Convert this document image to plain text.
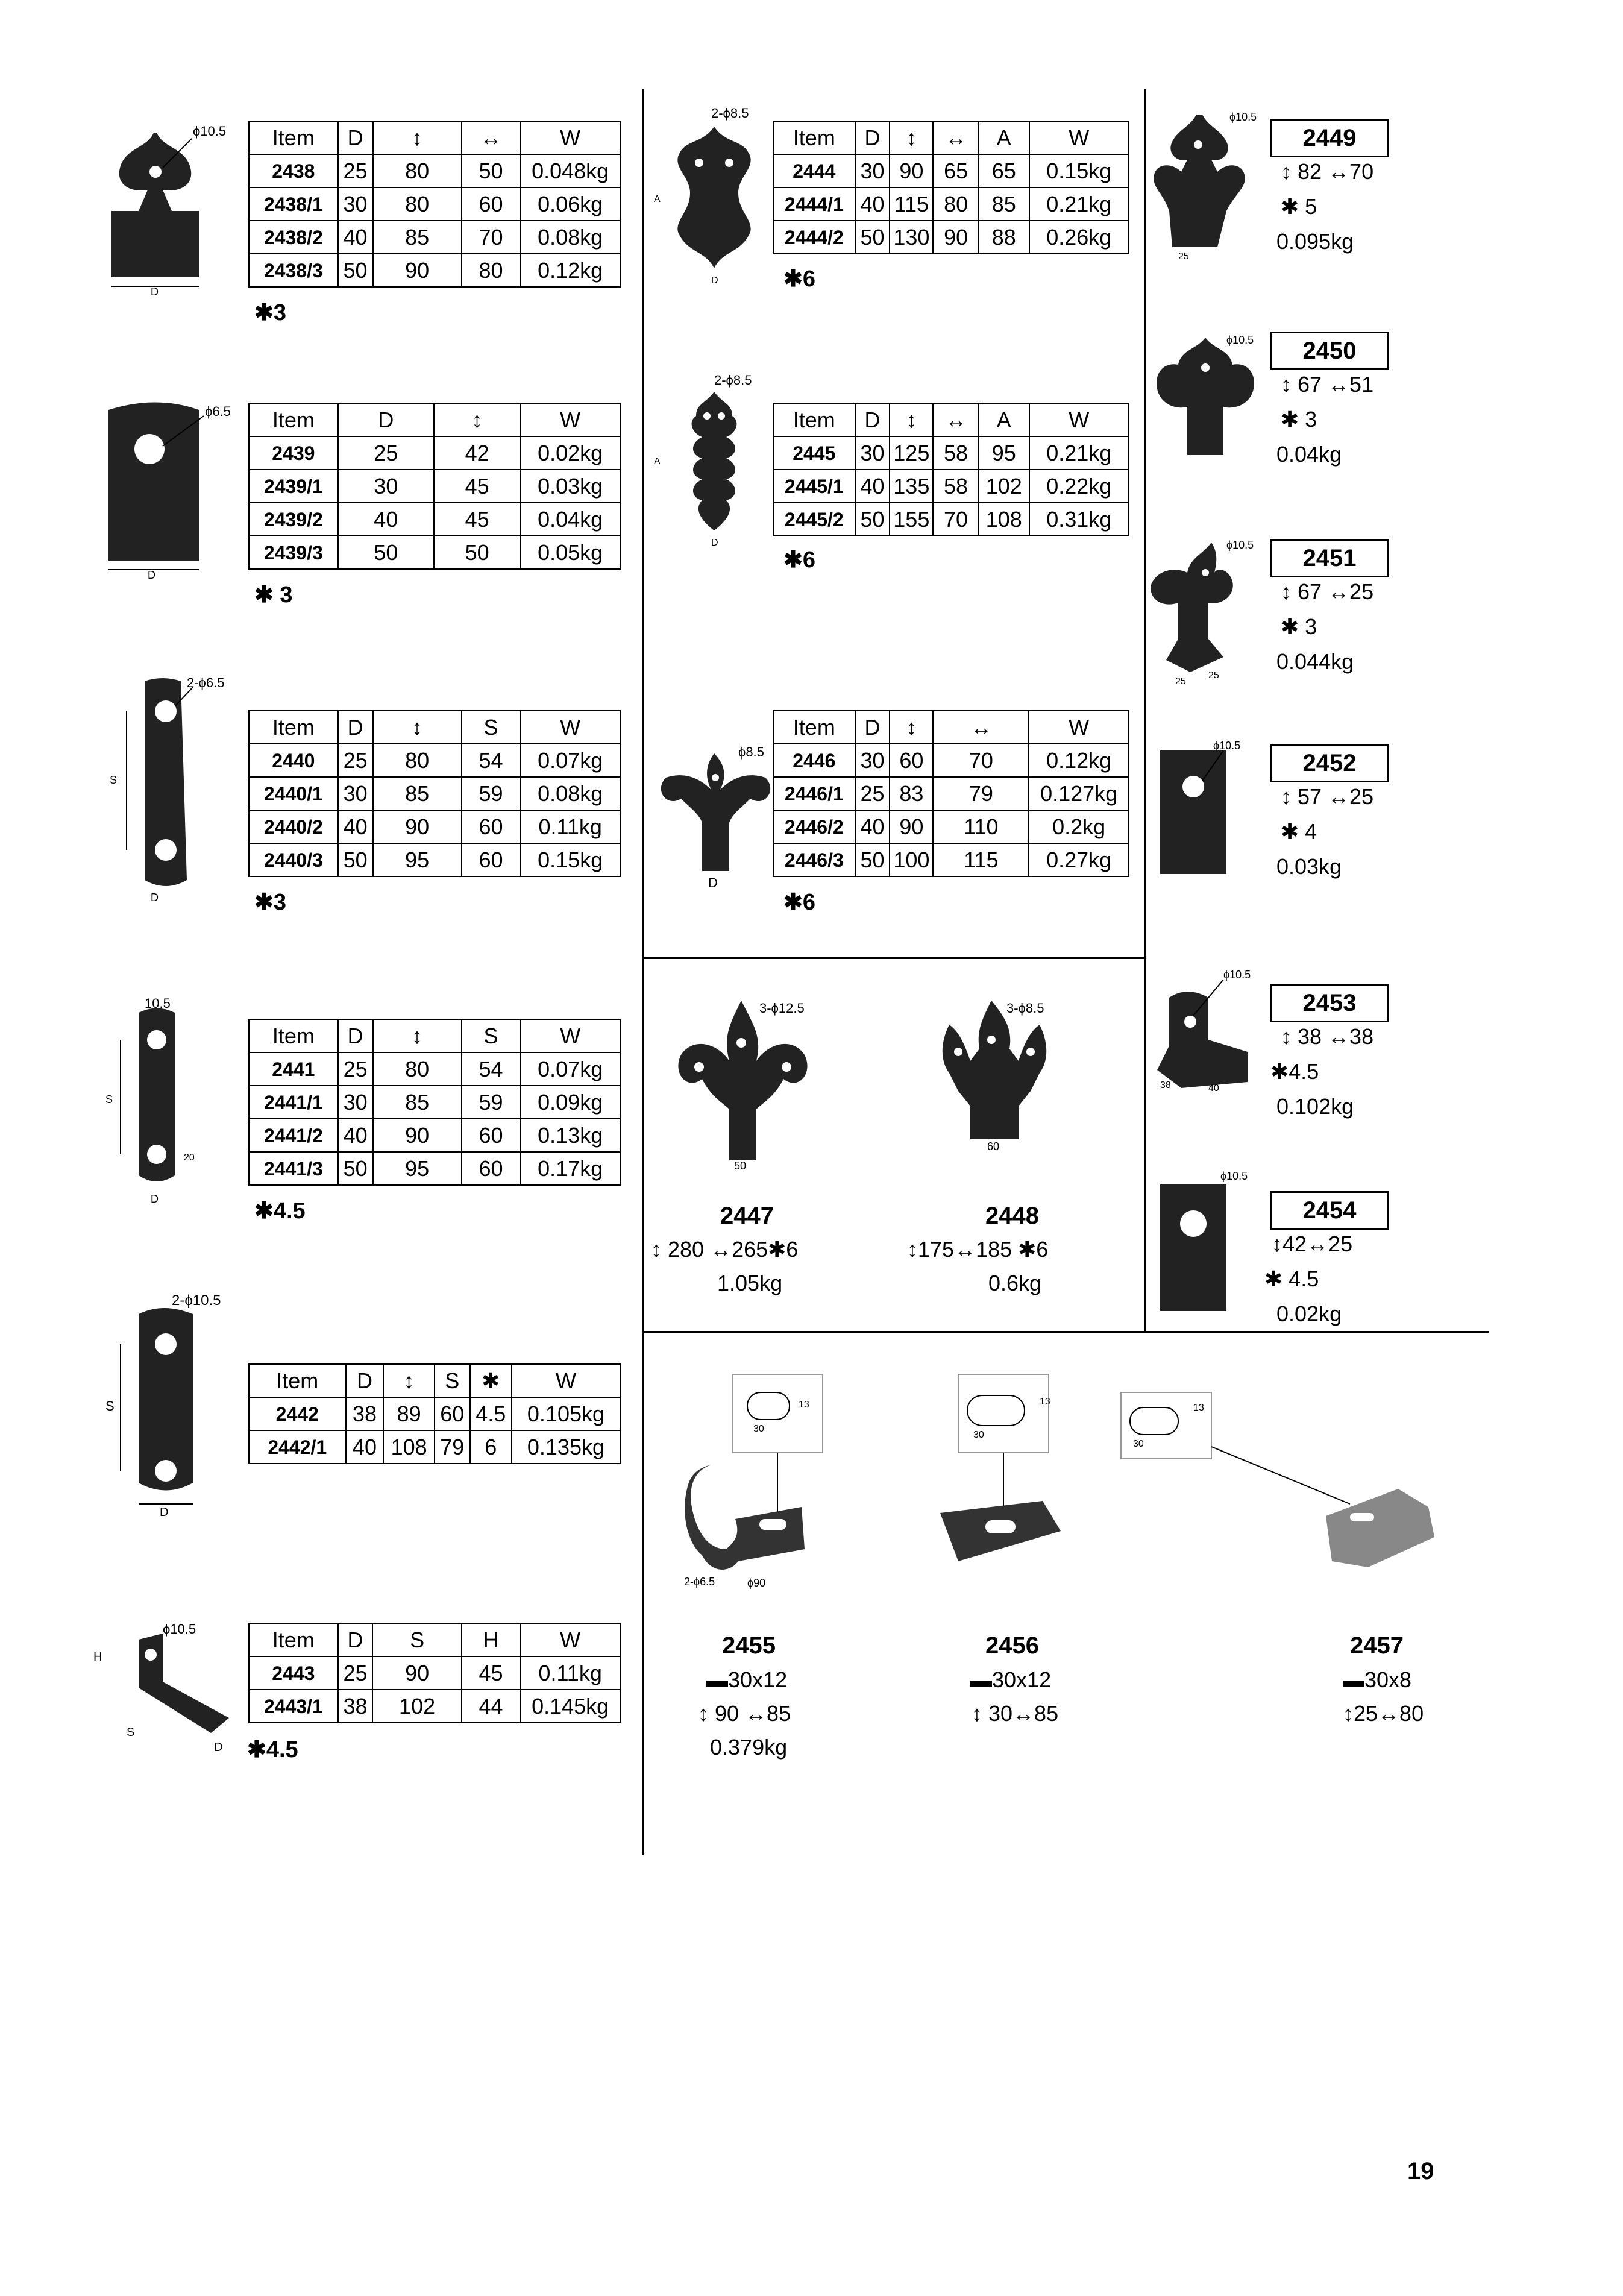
ϕ10.5
D
ϕ6.5
D
S
2-ϕ6.5
D
10.5
S
20
D
2-ϕ10.5
S
D
ϕ10.5
H
S
D
Item	D	↕	↔	W
2438	25	80	50	0.048kg
2438/1	30	80	60	0.06kg
2438/2	40	85	70	0.08kg
2438/3	50	90	80	0.12kg
✱3
Item	D	↕	W
2439	25	42	0.02kg
2439/1	30	45	0.03kg
2439/2	40	45	0.04kg
2439/3	50	50	0.05kg
✱ 3
Item	D	↕	S	W
2440	25	80	54	0.07kg
2440/1	30	85	59	0.08kg
2440/2	40	90	60	0.11kg
2440/3	50	95	60	0.15kg
✱3
Item	D	↕	S	W
2441	25	80	54	0.07kg
2441/1	30	85	59	0.09kg
2441/2	40	90	60	0.13kg
2441/3	50	95	60	0.17kg
✱4.5
Item	D	↕	S	✱	W
2442	38	89	60	4.5	0.105kg
2442/1	40	108	79	6	0.135kg
Item	D	S	H	W
2443	25	90	45	0.11kg
2443/1	38	102	44	0.145kg
✱4.5
2-ϕ8.5
A
D
2-ϕ8.5
A
D
ϕ8.5
D
Item	D	↕	↔	A	W
2444	30	90	65	65	0.15kg
2444/1	40	115	80	85	0.21kg
2444/2	50	130	90	88	0.26kg
✱6
Item	D	↕	↔	A	W
2445	30	125	58	95	0.21kg
2445/1	40	135	58	102	0.22kg
2445/2	50	155	70	108	0.31kg
✱6
Item	D	↕	↔	W
2446	30	60	70	0.12kg
2446/1	25	83	79	0.127kg
2446/2	40	90	110	0.2kg
2446/3	50	100	115	0.27kg
✱6
3-ϕ12.5
50
2447
↕ 280 ↔265✱6
1.05kg
3-ϕ8.5
60
2448
↕175↔185 ✱6
0.6kg
ϕ10.5
25
2449
↕ 82 ↔70
✱ 5
0.095kg
ϕ10.5	2450
↕ 67 ↔51
✱ 3
0.04kg
ϕ10.5
25
25
2451
↕ 67 ↔25
✱ 3
0.044kg
ϕ10.5
2452
↕ 57 ↔25
✱ 4
0.03kg
ϕ10.5
38	40
2453
↕ 38 ↔38
✱4.5
0.102kg
ϕ10.5
2454
↕42↔25
✱ 4.5
0.02kg
30
13
2-ϕ6.5	ϕ90
2455
▬30x12
↕ 90 ↔85
0.379kg
30
13
2456
▬30x12
↕ 30↔85
30
13
2457
▬30x8
↕25↔80
19
